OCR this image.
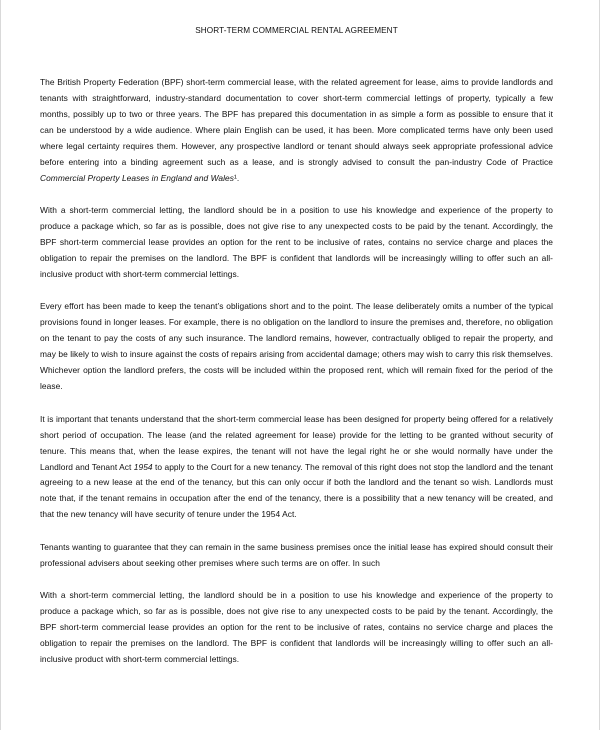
SHORT-TERM COMMERCIAL RENTAL AGREEMENT

The British Property Federation (BPF) short-term commercial lease, with the related agreement for lease, aims to provide landlords and tenants with straightforward, industry-standard documentation to cover short-term commercial lettings of property, typically a few months, possibly up to two or three years. The BPF has prepared this documentation in as simple a form as possible to ensure that it can be understood by a wide audience. Where plain English can be used, it has been. More complicated terms have only been used where legal certainty requires them. However, any prospective landlord or tenant should always seek appropriate professional advice before entering into a binding agreement such as a lease, and is strongly advised to consult the pan-industry Code of Practice Commercial Property Leases in England and Wales¹.

With a short-term commercial letting, the landlord should be in a position to use his knowledge and experience of the property to produce a package which, so far as is possible, does not give rise to any unexpected costs to be paid by the tenant. Accordingly, the BPF short-term commercial lease provides an option for the rent to be inclusive of rates, contains no service charge and places the obligation to repair the premises on the landlord. The BPF is confident that landlords will be increasingly willing to offer such an all-inclusive product with short-term commercial lettings.

Every effort has been made to keep the tenant’s obligations short and to the point. The lease deliberately omits a number of the typical provisions found in longer leases. For example, there is no obligation on the landlord to insure the premises and, therefore, no obligation on the tenant to pay the costs of any such insurance. The landlord remains, however, contractually obliged to repair the property, and may be likely to wish to insure against the costs of repairs arising from accidental damage; others may wish to carry this risk themselves. Whichever option the landlord prefers, the costs will be included within the proposed rent, which will remain fixed for the period of the lease.

It is important that tenants understand that the short-term commercial lease has been designed for property being offered for a relatively short period of occupation. The lease (and the related agreement for lease) provide for the letting to be granted without security of tenure. This means that, when the lease expires, the tenant will not have the legal right he or she would normally have under the Landlord and Tenant Act 1954 to apply to the Court for a new tenancy. The removal of this right does not stop the landlord and the tenant agreeing to a new lease at the end of the tenancy, but this can only occur if both the landlord and the tenant so wish. Landlords must note that, if the tenant remains in occupation after the end of the tenancy, there is a possibility that a new tenancy will be created, and that the new tenancy will have security of tenure under the 1954 Act.

Tenants wanting to guarantee that they can remain in the same business premises once the initial lease has expired should consult their professional advisers about seeking other premises where such terms are on offer. In such

With a short-term commercial letting, the landlord should be in a position to use his knowledge and experience of the property to produce a package which, so far as is possible, does not give rise to any unexpected costs to be paid by the tenant. Accordingly, the BPF short-term commercial lease provides an option for the rent to be inclusive of rates, contains no service charge and places the obligation to repair the premises on the landlord. The BPF is confident that landlords will be increasingly willing to offer such an all-inclusive product with short-term commercial lettings.
